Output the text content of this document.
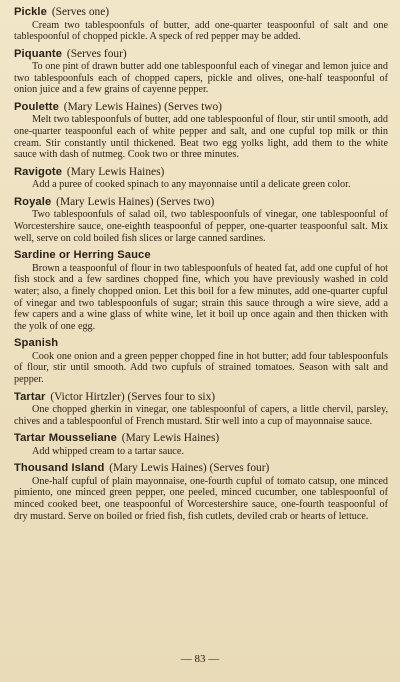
Pickle (Serves one)

Cream two tablespoonfuls of butter, add one-quarter teaspoonful of salt and one tablespoonful of chopped pickle. A speck of red pepper may be added.

Piquante (Serves four)

To one pint of drawn butter add one tablespoonful each of vinegar and lemon juice and two tablespoonfuls each of chopped capers, pickle and olives, one-half teaspoonful of onion juice and a few grains of cayenne pepper.

Poulette (Mary Lewis Haines) (Serves two)

Melt two tablespoonfuls of butter, add one tablespoonful of flour, stir until smooth, add one-quarter teaspoonful each of white pepper and salt, and one cupful top milk or thin cream. Stir constantly until thickened. Beat two egg yolks light, add them to the white sauce with dash of nutmeg. Cook two or three minutes.

Ravigote (Mary Lewis Haines)

Add a puree of cooked spinach to any mayonnaise until a delicate green color.

Royale (Mary Lewis Haines) (Serves two)

Two tablespoonfuls of salad oil, two tablespoonfuls of vinegar, one tablespoonful of Worcestershire sauce, one-eighth teaspoonful of pepper, one-quarter teaspoonful salt. Mix well, serve on cold boiled fish slices or large canned sardines.

Sardine or Herring Sauce

Brown a teaspoonful of flour in two tablespoonfuls of heated fat, add one cupful of hot fish stock and a few sardines chopped fine, which you have previously washed in cold water; also, a finely chopped onion. Let this boil for a few minutes, add one-quarter cupful of vinegar and two tablespoonfuls of sugar; strain this sauce through a wire sieve, add a few capers and a wine glass of white wine, let it boil up once again and then thicken with the yolk of one egg.

Spanish

Cook one onion and a green pepper chopped fine in hot butter; add four tablespoonfuls of flour, stir until smooth. Add two cupfuls of strained tomatoes. Season with salt and pepper.

Tartar (Victor Hirtzler) (Serves four to six)

One chopped gherkin in vinegar, one tablespoonful of capers, a little chervil, parsley, chives and a tablespoonful of French mustard. Stir well into a cup of mayonnaise sauce.

Tartar Mousseliane (Mary Lewis Haines)

Add whipped cream to a tartar sauce.

Thousand Island (Mary Lewis Haines) (Serves four)

One-half cupful of plain mayonnaise, one-fourth cupful of tomato catsup, one minced pimiento, one minced green pepper, one peeled, minced cucumber, one tablespoonful of minced cooked beet, one teaspoonful of Worcestershire sauce, one-fourth teaspoonful of dry mustard. Serve on boiled or fried fish, fish cutlets, deviled crab or hearts of lettuce.

— 83 —
